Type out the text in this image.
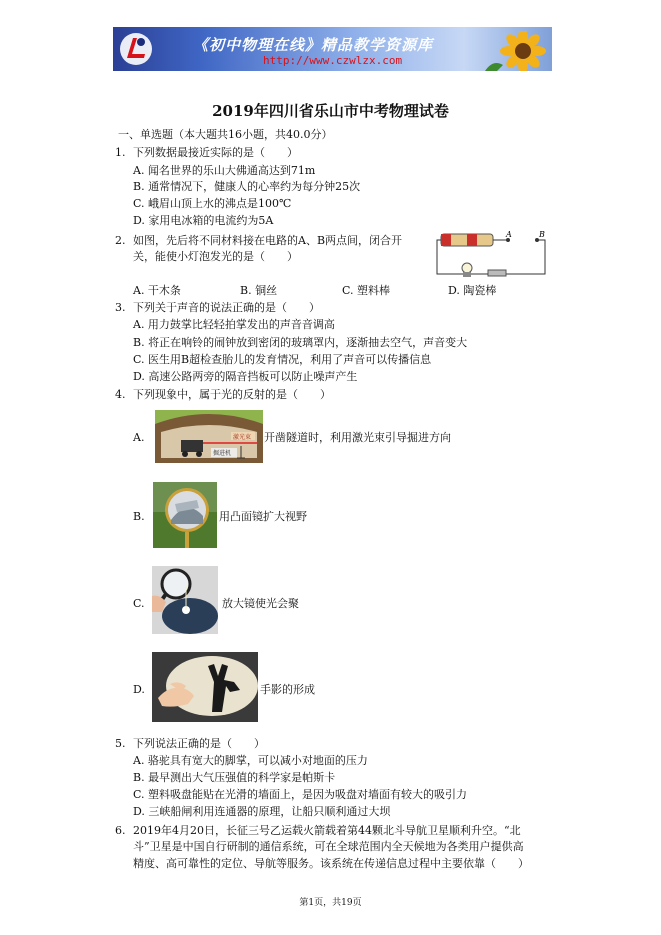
《初中物理在线》精品教学资源库
http://www.czwlzx.com
2019年四川省乐山市中考物理试卷
一、单选题（本大题共16小题，共40.0分）
1. 下列数据最接近实际的是（　　）
A. 闻名世界的乐山大佛通高达到71m
B. 通常情况下，健康人的心率约为每分钟25次
C. 峨眉山顶上水的沸点是100℃
D. 家用电冰箱的电流约为5A
2. 如图，先后将不同材料接在电路的A、B两点间，闭合开
关，能使小灯泡发光的是（　　）
A	B
A. 干木条	B. 铜丝	C. 塑料棒	D. 陶瓷棒
3. 下列关于声音的说法正确的是（　　）
A. 用力鼓掌比轻轻拍掌发出的声音音调高
B. 将正在响铃的闹钟放到密闭的玻璃罩内，逐渐抽去空气，声音变大
C. 医生用B超检查胎儿的发育情况，利用了声音可以传播信息
D. 高速公路两旁的隔音挡板可以防止噪声产生
4. 下列现象中，属于光的反射的是（　　）
A.	激光束
掘进机
开凿隧道时，利用激光束引导掘进方向
B.	用凸面镜扩大视野
C.	放大镜使光会聚
D.	手影的形成
5. 下列说法正确的是（　　）
A. 骆驼具有宽大的脚掌，可以减小对地面的压力
B. 最早测出大气压强值的科学家是帕斯卡
C. 塑料吸盘能贴在光滑的墙面上，是因为吸盘对墙面有较大的吸引力
D. 三峡船闸利用连通器的原理，让船只顺利通过大坝
6. 2019年4月20日，长征三号乙运载火箭载着第44颗北斗导航卫星顺利升空。“北
斗”卫星是中国自行研制的通信系统，可在全球范围内全天候地为各类用户提供高
精度、高可靠性的定位、导航等服务。该系统在传递信息过程中主要依靠（　　）
第1页，共19页
